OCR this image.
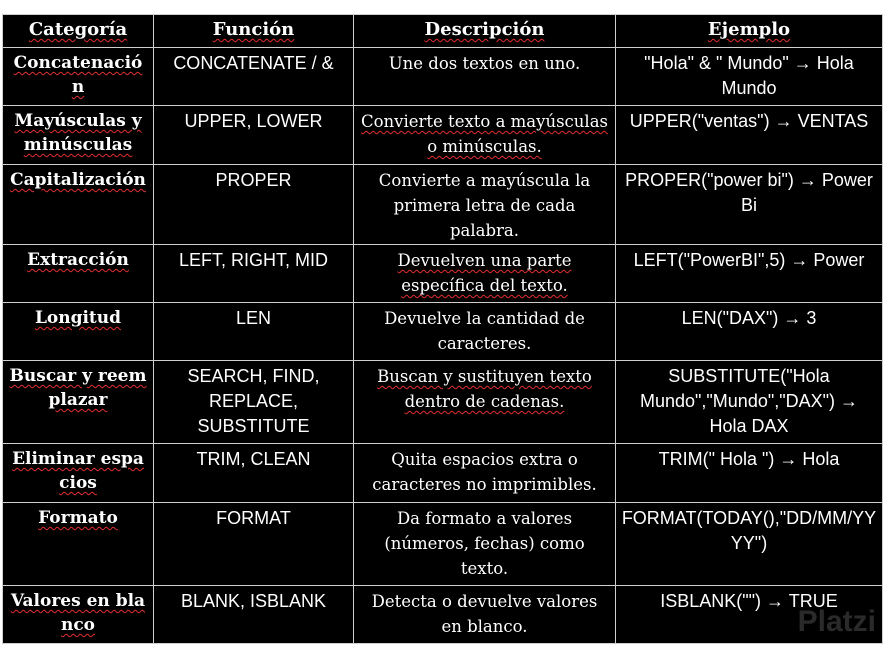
Categoría	Función	Descripción	Ejemplo
Concatenación	CONCATENATE / &	Une dos textos en uno.	"Hola" & " Mundo" → Hola Mundo
Mayúsculas y minúsculas	UPPER, LOWER	Convierte texto a mayúsculas o minúsculas.	UPPER("ventas") → VENTAS
Capitalización	PROPER	Convierte a mayúscula la primera letra de cada palabra.	PROPER("power bi") → Power Bi
Extracción	LEFT, RIGHT, MID	Devuelven una parte específica del texto.	LEFT("PowerBI",5) → Power
Longitud	LEN	Devuelve la cantidad de caracteres.	LEN("DAX") → 3
Buscar y reemplazar	SEARCH, FIND, REPLACE, SUBSTITUTE	Buscan y sustituyen texto dentro de cadenas.	SUBSTITUTE("Hola Mundo","Mundo","DAX") → Hola DAX
Eliminar espacios	TRIM, CLEAN	Quita espacios extra o caracteres no imprimibles.	TRIM(" Hola ") → Hola
Formato	FORMAT	Da formato a valores (números, fechas) como texto.	FORMAT(TODAY(),"DD/MM/YYYY")
Valores en blanco	BLANK, ISBLANK	Detecta o devuelve valores en blanco.	ISBLANK("") → TRUE
Platzi
